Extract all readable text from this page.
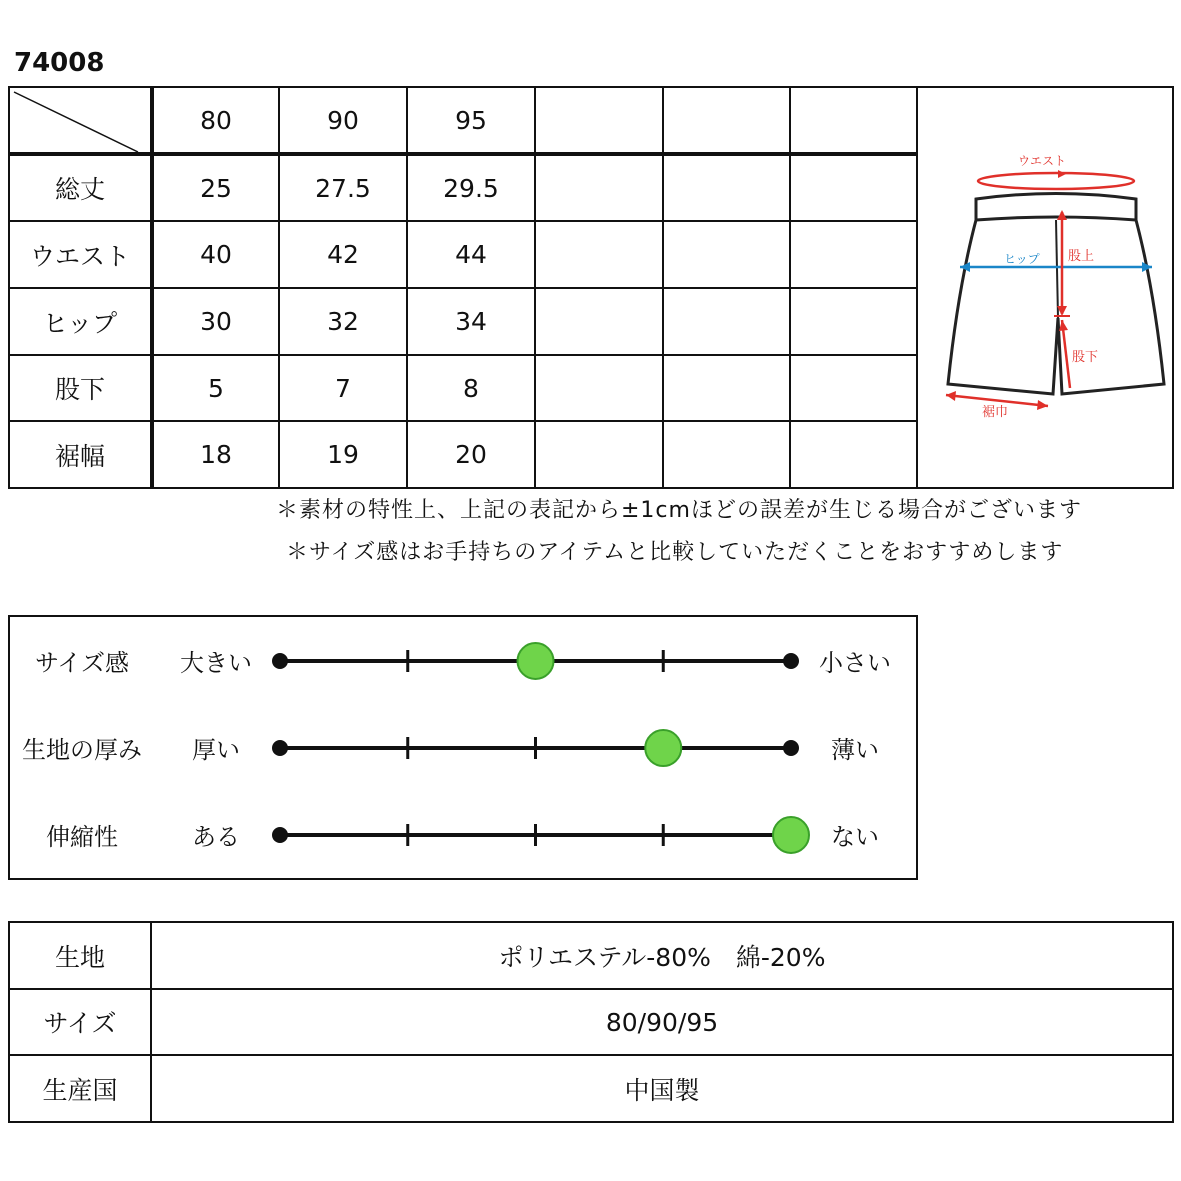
74008
80	90	95
総丈	25	27.5	29.5
ウエスト	40	42	44
ヒップ	30	32	34
股下	5	7	8
裾幅	18	19	20
ウエスト
ヒップ 股上
股下
裾巾

＊素材の特性上、上記の表記から±1cmほどの誤差が生じる場合がございます

＊サイズ感はお手持ちのアイテムと比較していただくことをおすすめします

サイズ感	大きい	小さい
生地の厚み	厚い	薄い
伸縮性	ある	ない
生地	ポリエステル-80%　綿-20%
サイズ	80/90/95
生産国	中国製
